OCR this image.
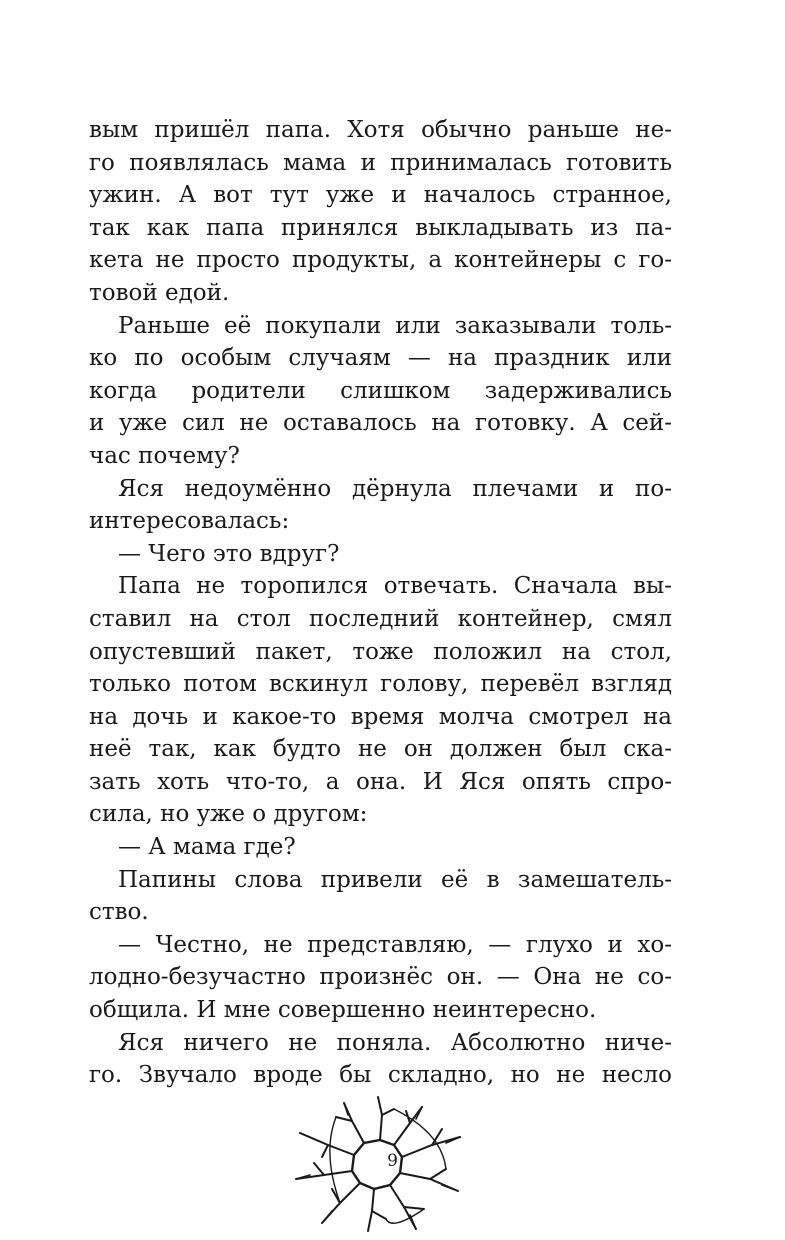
вым пришёл папа. Хотя обычно раньше не-
го появлялась мама и принималась готовить
ужин. А вот тут уже и началось странное,
так как папа принялся выкладывать из па-
кета не просто продукты, а контейнеры с го-
товой едой.
Раньше её покупали или заказывали толь-
ко по особым случаям — на праздник или
когда родители слишком задерживались
и уже сил не оставалось на готовку. А сей-
час почему?
Яся недоумённо дёрнула плечами и по-
интересовалась:
— Чего это вдруг?
Папа не торопился отвечать. Сначала вы-
ставил на стол последний контейнер, смял
опустевший пакет, тоже положил на стол,
только потом вскинул голову, перевёл взгляд
на дочь и какое-то время молча смотрел на
неё так, как будто не он должен был ска-
зать хоть что-то, а она. И Яся опять спро-
сила, но уже о другом:
— А мама где?
Папины слова привели её в замешатель-
ство.
— Честно, не представляю, — глухо и хо-
лодно-безучастно произнёс он. — Она не со-
общила. И мне совершенно неинтересно.
Яся ничего не поняла. Абсолютно ниче-
го. Звучало вроде бы складно, но не несло
9
